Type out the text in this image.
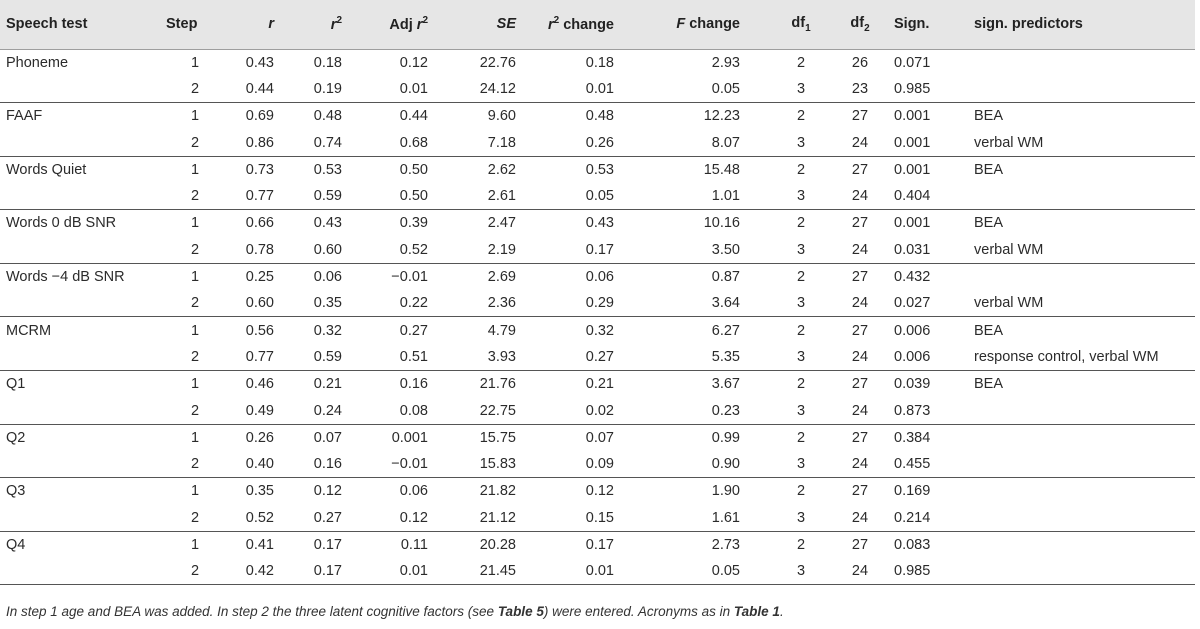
Speech test	Step	r	$r^2$	Adj $r^2$	SE	$r^2$ change	F change	$df_1$	$df_2$	Sign.	sign. predictors
Phoneme	1	0.43	0.18	0.12	22.76	0.18	2.93	2	26	0.071	
	2	0.44	0.19	0.01	24.12	0.01	0.05	3	23	0.985	
FAAF	1	0.69	0.48	0.44	9.60	0.48	12.23	2	27	0.001	BEA
	2	0.86	0.74	0.68	7.18	0.26	8.07	3	24	0.001	verbal WM
Words Quiet	1	0.73	0.53	0.50	2.62	0.53	15.48	2	27	0.001	BEA
	2	0.77	0.59	0.50	2.61	0.05	1.01	3	24	0.404	
Words 0 dB SNR	1	0.66	0.43	0.39	2.47	0.43	10.16	2	27	0.001	BEA
	2	0.78	0.60	0.52	2.19	0.17	3.50	3	24	0.031	verbal WM
Words −4 dB SNR	1	0.25	0.06	−0.01	2.69	0.06	0.87	2	27	0.432	
	2	0.60	0.35	0.22	2.36	0.29	3.64	3	24	0.027	verbal WM
MCRM	1	0.56	0.32	0.27	4.79	0.32	6.27	2	27	0.006	BEA
	2	0.77	0.59	0.51	3.93	0.27	5.35	3	24	0.006	response control, verbal WM
Q1	1	0.46	0.21	0.16	21.76	0.21	3.67	2	27	0.039	BEA
	2	0.49	0.24	0.08	22.75	0.02	0.23	3	24	0.873	
Q2	1	0.26	0.07	0.001	15.75	0.07	0.99	2	27	0.384	
	2	0.40	0.16	−0.01	15.83	0.09	0.90	3	24	0.455	
Q3	1	0.35	0.12	0.06	21.82	0.12	1.90	2	27	0.169	
	2	0.52	0.27	0.12	21.12	0.15	1.61	3	24	0.214	
Q4	1	0.41	0.17	0.11	20.28	0.17	2.73	2	27	0.083	
	2	0.42	0.17	0.01	21.45	0.01	0.05	3	24	0.985	
In step 1 age and BEA was added. In step 2 the three latent cognitive factors (see Table 5) were entered. Acronyms as in Table 1.
